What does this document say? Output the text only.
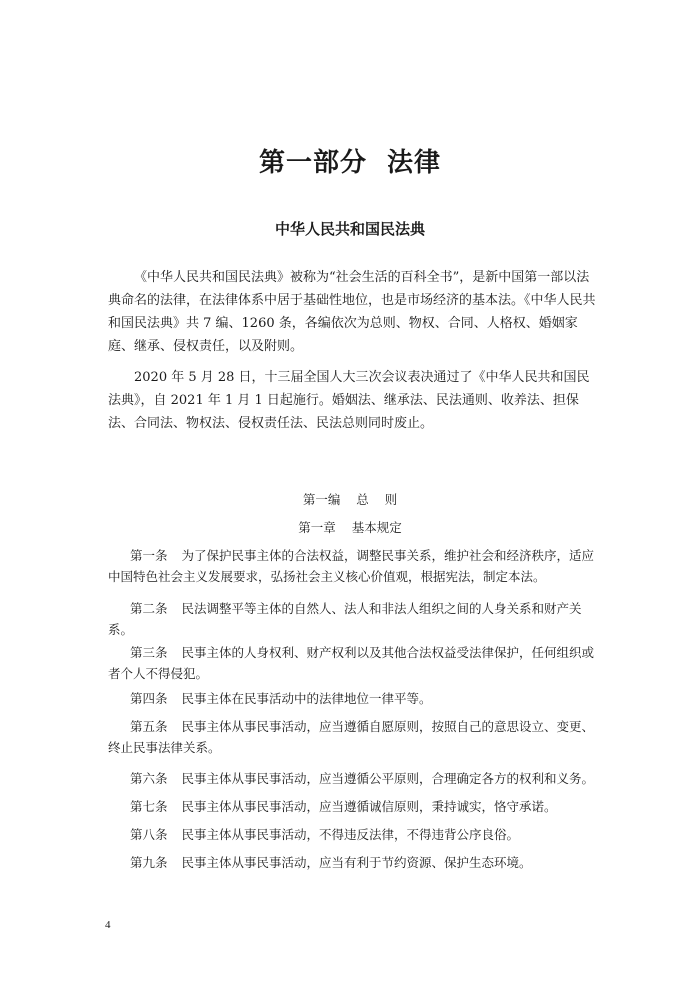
第一部分  法律
中华人民共和国民法典

《中华人民共和国民法典》被称为“社会生活的百科全书”，是新中国第一部以法典命名的法律，在法律体系中居于基础性地位，也是市场经济的基本法。《中华人民共和国民法典》共 7 编、1260 条，各编依次为总则、物权、合同、人格权、婚姻家庭、继承、侵权责任，以及附则。

2020 年 5 月 28 日，十三届全国人大三次会议表决通过了《中华人民共和国民法典》，自 2021 年 1 月 1 日起施行。婚姻法、继承法、民法通则、收养法、担保法、合同法、物权法、侵权责任法、民法总则同时废止。

第一编    总    则
第一章    基本规定

第一条 为了保护民事主体的合法权益，调整民事关系，维护社会和经济秩序，适应中国特色社会主义发展要求，弘扬社会主义核心价值观，根据宪法，制定本法。

第二条 民法调整平等主体的自然人、法人和非法人组织之间的人身关系和财产关系。

第三条 民事主体的人身权利、财产权利以及其他合法权益受法律保护，任何组织或者个人不得侵犯。

第四条 民事主体在民事活动中的法律地位一律平等。

第五条 民事主体从事民事活动，应当遵循自愿原则，按照自己的意思设立、变更、终止民事法律关系。

第六条 民事主体从事民事活动，应当遵循公平原则，合理确定各方的权利和义务。

第七条 民事主体从事民事活动，应当遵循诚信原则，秉持诚实，恪守承诺。

第八条 民事主体从事民事活动，不得违反法律，不得违背公序良俗。

第九条 民事主体从事民事活动，应当有利于节约资源、保护生态环境。

4
